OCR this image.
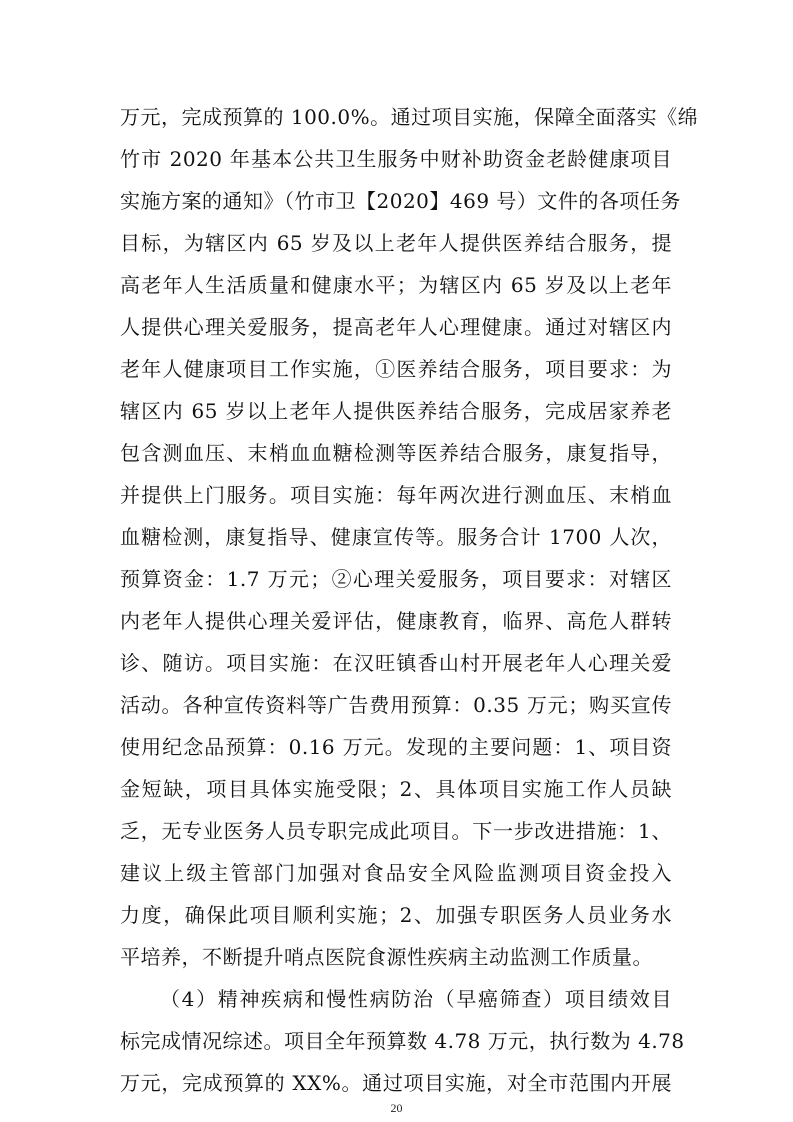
万元，完成预算的 100.0%。通过项目实施，保障全面落实《绵
竹市 2020 年基本公共卫生服务中财补助资金老龄健康项目
实施方案的通知》（竹市卫【2020】469 号）文件的各项任务
目标，为辖区内 65 岁及以上老年人提供医养结合服务，提
高老年人生活质量和健康水平；为辖区内 65 岁及以上老年
人提供心理关爱服务，提高老年人心理健康。通过对辖区内
老年人健康项目工作实施，①医养结合服务，项目要求：为
辖区内 65 岁以上老年人提供医养结合服务，完成居家养老
包含测血压、末梢血血糖检测等医养结合服务，康复指导，
并提供上门服务。项目实施：每年两次进行测血压、末梢血
血糖检测，康复指导、健康宣传等。服务合计 1700 人次，
预算资金：1.7 万元；②心理关爱服务，项目要求：对辖区
内老年人提供心理关爱评估，健康教育，临界、高危人群转
诊、随访。项目实施：在汉旺镇香山村开展老年人心理关爱
活动。各种宣传资料等广告费用预算：0.35 万元；购买宣传
使用纪念品预算：0.16 万元。发现的主要问题：1、项目资
金短缺，项目具体实施受限；2、具体项目实施工作人员缺
乏，无专业医务人员专职完成此项目。下一步改进措施：1、
建议上级主管部门加强对食品安全风险监测项目资金投入
力度，确保此项目顺利实施；2、加强专职医务人员业务水
平培养，不断提升哨点医院食源性疾病主动监测工作质量。
（4）精神疾病和慢性病防治（早癌筛查）项目绩效目
标完成情况综述。项目全年预算数 4.78 万元，执行数为 4.78
万元，完成预算的 XX%。通过项目实施，对全市范围内开展
20
